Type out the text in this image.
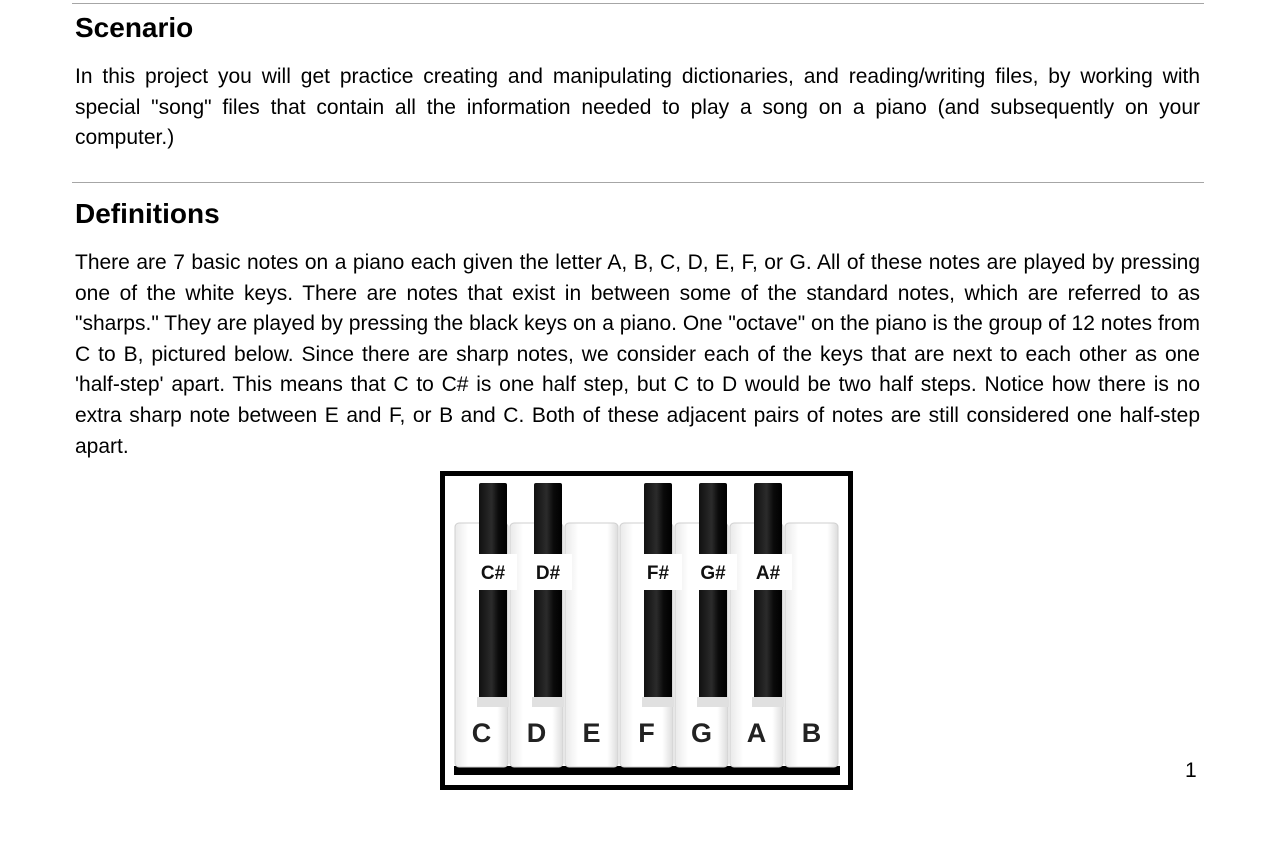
Scenario

In this project you will get practice creating and manipulating dictionaries, and reading/writing files, by working with special "song" files that contain all the information needed to play a song on a piano (and subsequently on your computer.)

Definitions

There are 7 basic notes on a piano each given the letter A, B, C, D, E, F, or G. All of these notes are played by pressing one of the white keys. There are notes that exist in between some of the standard notes, which are referred to as "sharps." They are played by pressing the black keys on a piano. One "octave" on the piano is the group of 12 notes from C to B, pictured below. Since there are sharp notes, we consider each of the keys that are next to each other as one 'half-step' apart. This means that C to C# is one half step, but C to D would be two half steps. Notice how there is no extra sharp note between E and F, or B and C. Both of these adjacent pairs of notes are still considered one half-step apart.

C D E F G A B
C# D#	F# G# A#
1
